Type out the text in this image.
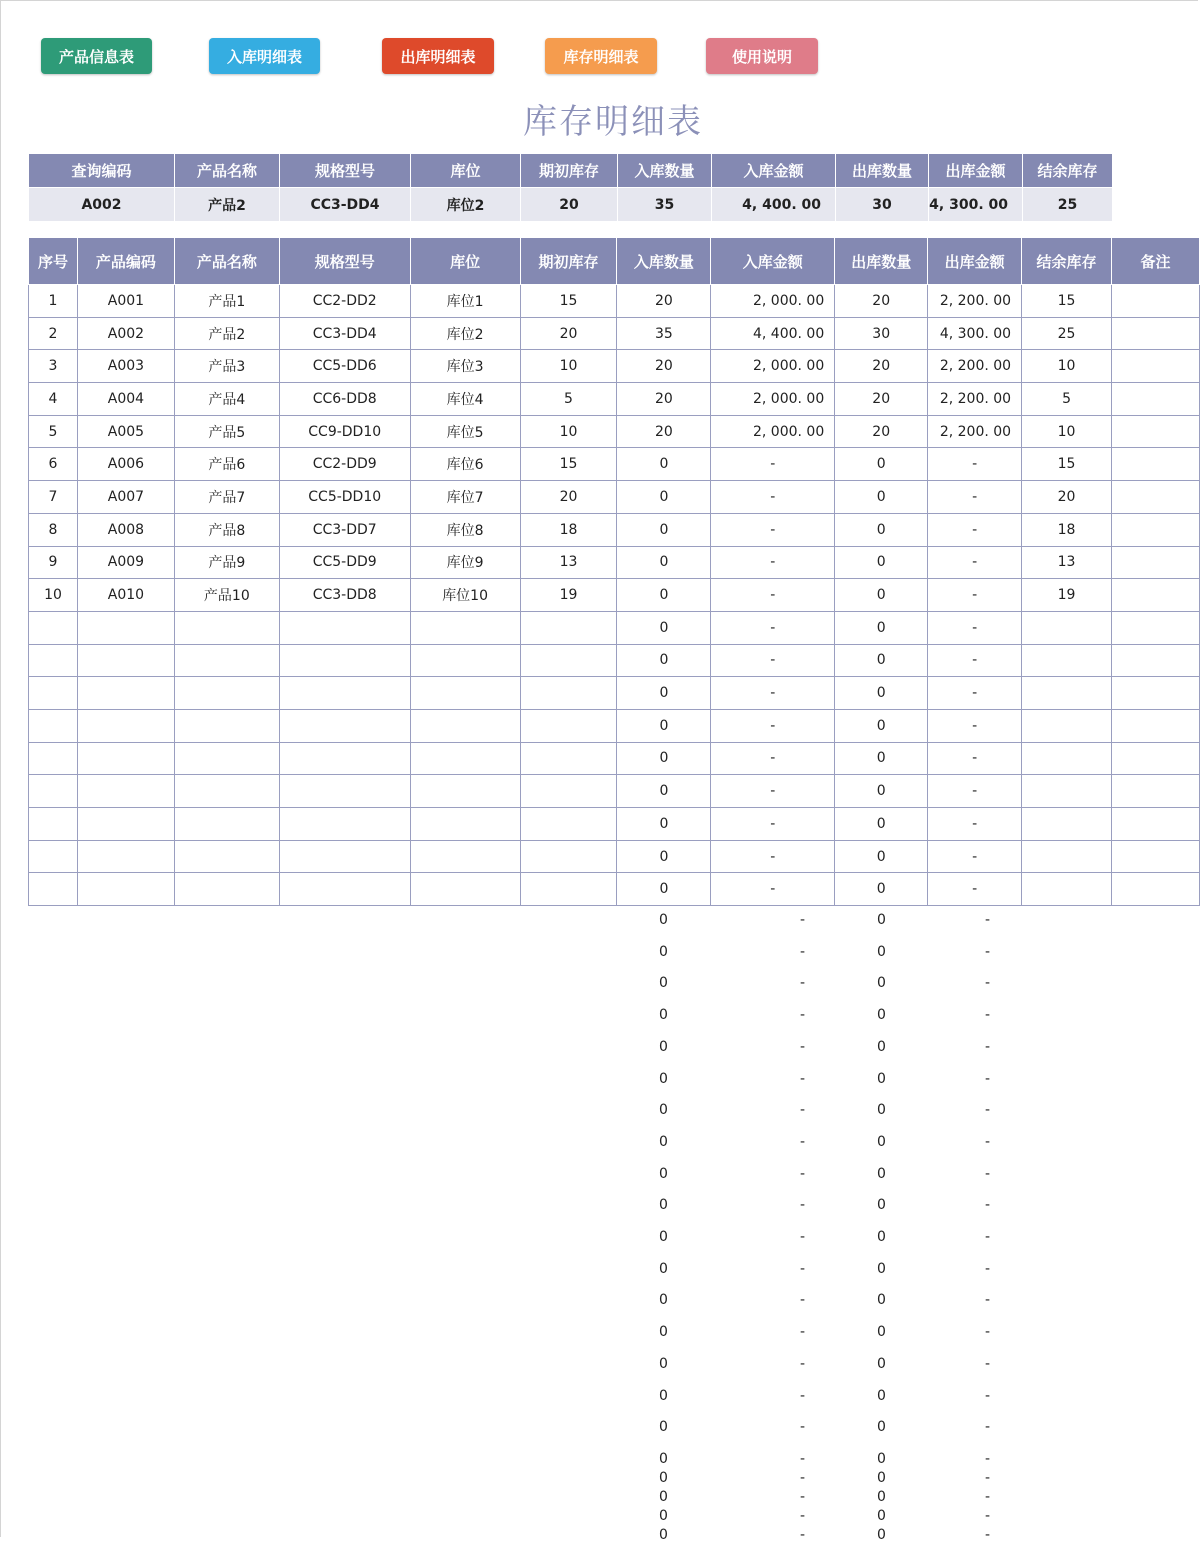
产品信息表	入库明细表	出库明细表	库存明细表	使用说明
库存明细表
查询编码	产品名称	规格型号	库位	期初库存	入库数量	入库金额	出库数量	出库金额	结余库存
A002	产品2	CC3-DD4	库位2	20	35	4, 400. 00	30	4, 300. 00	25
序号	产品编码	产品名称	规格型号	库位	期初库存	入库数量	入库金额	出库数量	出库金额	结余库存	备注
1	A001	产品1	CC2-DD2	库位1	15	20	2, 000. 00	20	2, 200. 00	15	
2	A002	产品2	CC3-DD4	库位2	20	35	4, 400. 00	30	4, 300. 00	25	
3	A003	产品3	CC5-DD6	库位3	10	20	2, 000. 00	20	2, 200. 00	10	
4	A004	产品4	CC6-DD8	库位4	5	20	2, 000. 00	20	2, 200. 00	5	
5	A005	产品5	CC9-DD10	库位5	10	20	2, 000. 00	20	2, 200. 00	10	
6	A006	产品6	CC2-DD9	库位6	15	0	-	0	-	15	
7	A007	产品7	CC5-DD10	库位7	20	0	-	0	-	20	
8	A008	产品8	CC3-DD7	库位8	18	0	-	0	-	18	
9	A009	产品9	CC5-DD9	库位9	13	0	-	0	-	13	
10	A010	产品10	CC3-DD8	库位10	19	0	-	0	-	19	
						0	-	0	-		
						0	-	0	-		
						0	-	0	-		
						0	-	0	-		
						0	-	0	-		
						0	-	0	-		
						0	-	0	-		
						0	-	0	-		
						0	-	0	-		
0	-	0	-
0	-	0	-
0	-	0	-
0	-	0	-
0	-	0	-
0	-	0	-
0	-	0	-
0	-	0	-
0	-	0	-
0	-	0	-
0	-	0	-
0	-	0	-
0	-	0	-
0	-	0	-
0	-	0	-
0	-	0	-
0	-	0	-
0	-	0	-
0	-	0	-
0	-	0	-
0	-	0	-
0	-	0	-
